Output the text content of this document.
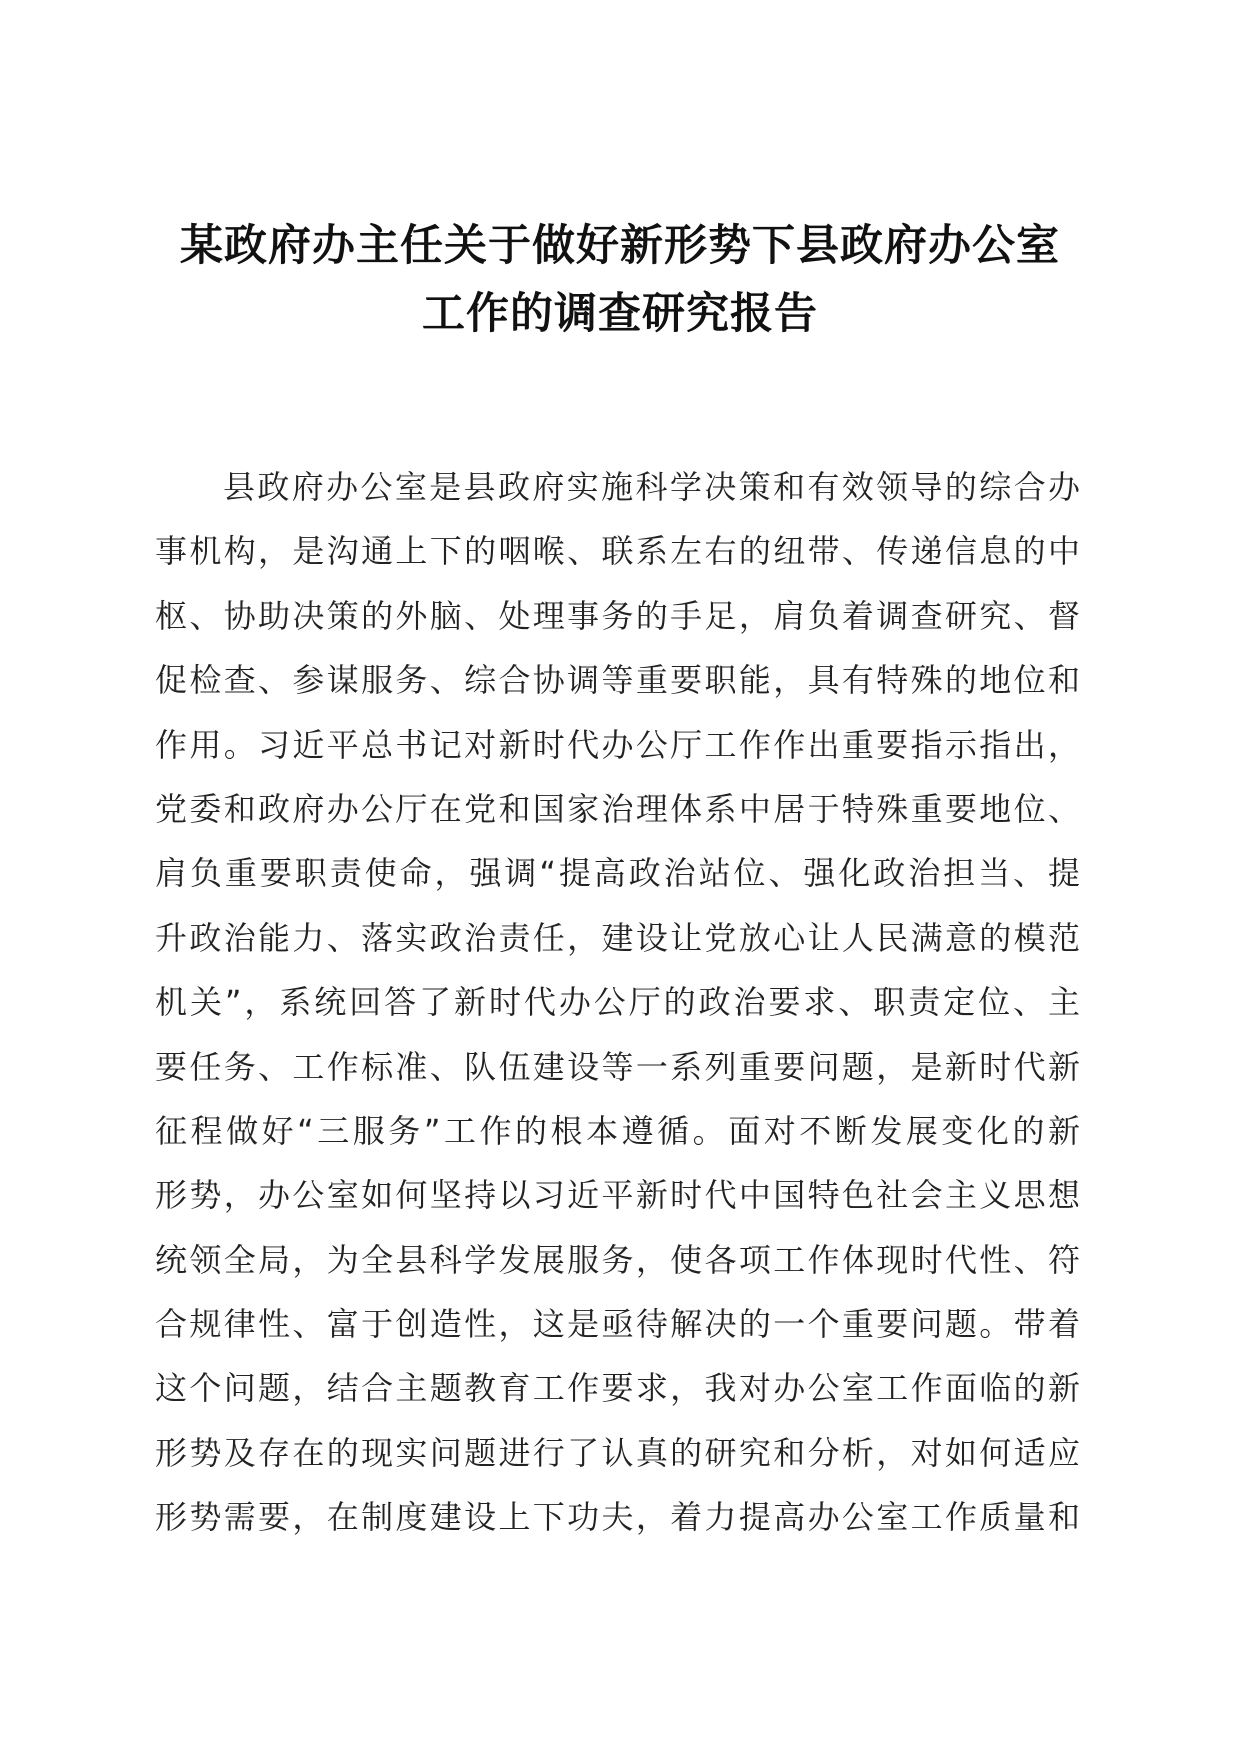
某政府办主任关于做好新形势下县政府办公室
工作的调查研究报告
县政府办公室是县政府实施科学决策和有效领导的综合办
事机构，是沟通上下的咽喉、联系左右的纽带、传递信息的中
枢、协助决策的外脑、处理事务的手足，肩负着调查研究、督
促检查、参谋服务、综合协调等重要职能，具有特殊的地位和
作用。习近平总书记对新时代办公厅工作作出重要指示指出，
党委和政府办公厅在党和国家治理体系中居于特殊重要地位、
肩负重要职责使命，强调“提高政治站位、强化政治担当、提
升政治能力、落实政治责任，建设让党放心让人民满意的模范
机关”，系统回答了新时代办公厅的政治要求、职责定位、主
要任务、工作标准、队伍建设等一系列重要问题，是新时代新
征程做好“三服务”工作的根本遵循。面对不断发展变化的新
形势，办公室如何坚持以习近平新时代中国特色社会主义思想
统领全局，为全县科学发展服务，使各项工作体现时代性、符
合规律性、富于创造性，这是亟待解决的一个重要问题。带着
这个问题，结合主题教育工作要求，我对办公室工作面临的新
形势及存在的现实问题进行了认真的研究和分析，对如何适应
形势需要，在制度建设上下功夫，着力提高办公室工作质量和
